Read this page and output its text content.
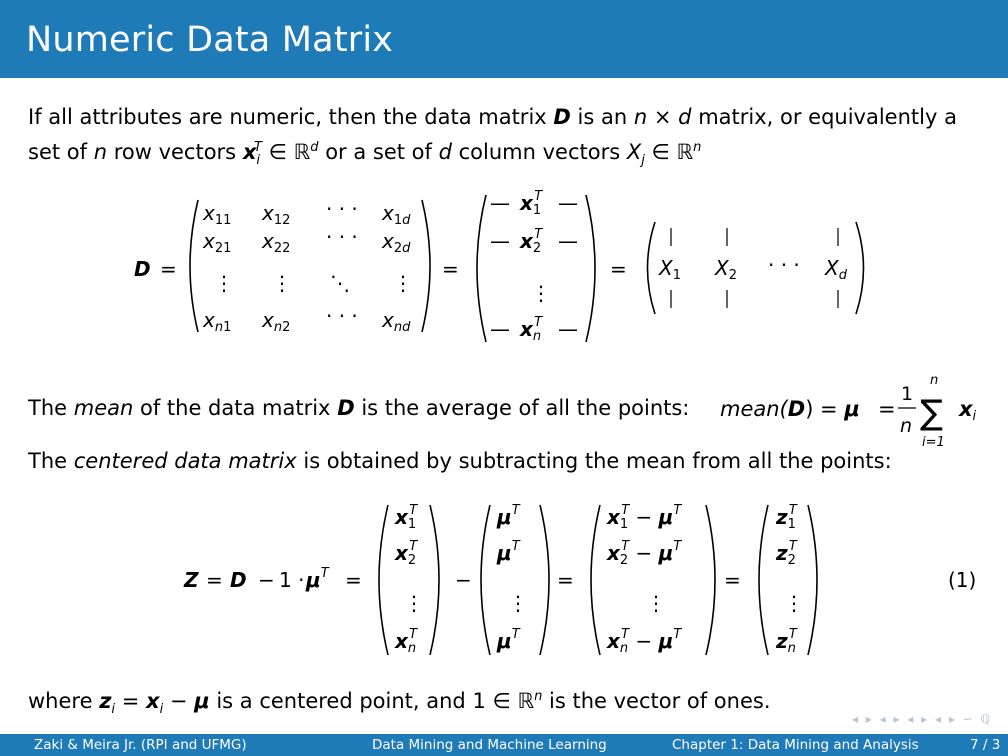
Numeric Data Matrix
If all attributes are numeric, then the data matrix D is an n × d matrix, or equivalently a
set of n row vectors $x_i^T$ ∈ ℝ$^d$ or a set of d column vectors $X_j$ ∈ ℝ$^n$
D =
$x_{11}$ $x_{12}$ · · · $x_1d$
$x_{21}$ $x_{22}$ · · · $x_2d$
⋮ ⋮ ⋱ ⋮
$x_n1$ $x_n2$ · · · $x_{nd}$
=
— $x_1T$ —
— $x_2T$ —
⋮
— $x_nT$ —
= $X_1$ $X_2$ · · · $X_d$
The mean of the data matrix D is the average of all the points: mean(D) = μ =
1
n
n
∑
i=1
xi
The centered data matrix is obtained by subtracting the mean from all the points:
$Z = D - 1 \cdot \mu^T$ =
$x_1T$
$x_2T$
⋮
$x_nT$
−
$\mu^T$
$\mu^T$
⋮
$\mu^T$
=
$x_1T - \mu^T$
$x_2T - \mu^T$
⋮
$x_nT - \mu^T$
=
$z_1T$
$z_2T$
⋮
$z_nT$
(1)
where $z_i = x_i - \mu$ is a centered point, and 1 ∈ ℝ$^n$ is the vector of ones.
◂ ▸ ◂ ▸ ◂ ▸ ◂ ▸ ∽ ℚ
Zaki & Meira Jr. (RPI and UFMG)	Data Mining and Machine Learning	Chapter 1: Data Mining and Analysis	7 / 3
